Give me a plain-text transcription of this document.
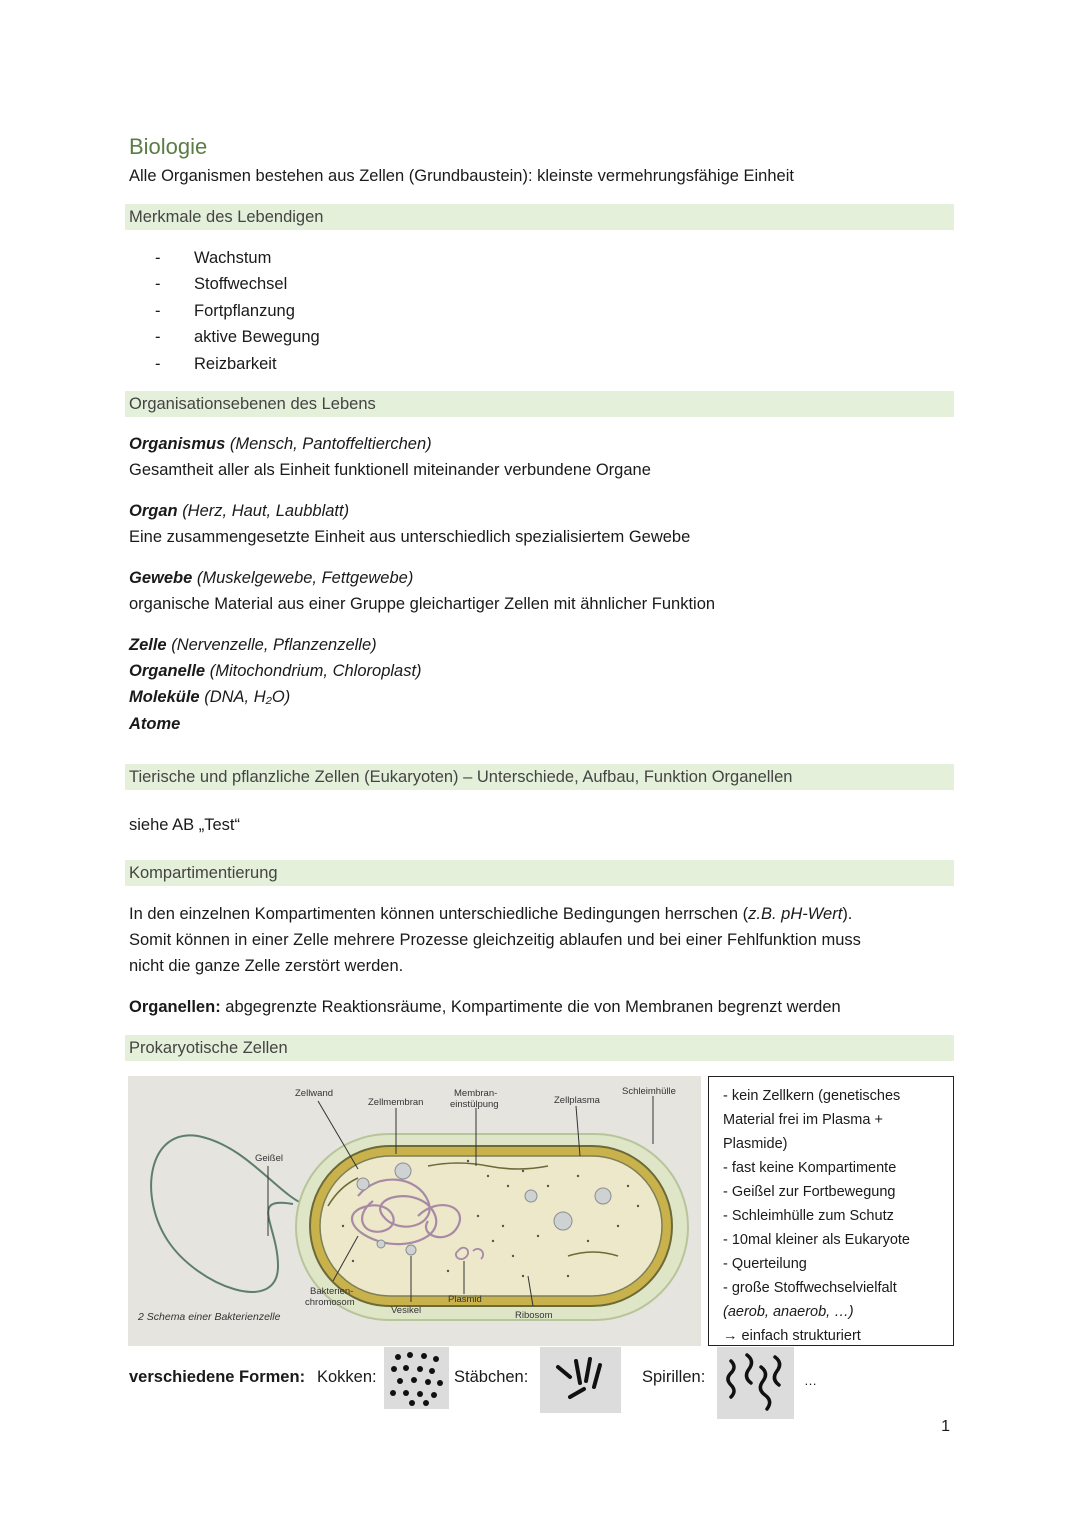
Biologie
Alle Organismen bestehen aus Zellen (Grundbaustein): kleinste vermehrungsfähige Einheit
Merkmale des Lebendigen
-	Wachstum
-	Stoffwechsel
-	Fortpflanzung
-	aktive Bewegung
-	Reizbarkeit
Organisationsebenen des Lebens
Organismus (Mensch, Pantoffeltierchen)
Gesamtheit aller als Einheit funktionell miteinander verbundene Organe
Organ (Herz, Haut, Laubblatt)
Eine zusammengesetzte Einheit aus unterschiedlich spezialisiertem Gewebe
Gewebe (Muskelgewebe, Fettgewebe)
organische Material aus einer Gruppe gleichartiger Zellen mit ähnlicher Funktion
Zelle (Nervenzelle, Pflanzenzelle)
Organelle (Mitochondrium, Chloroplast)
Moleküle (DNA, H₂O)
Atome
Tierische und pflanzliche Zellen (Eukaryoten) – Unterschiede, Aufbau, Funktion Organellen
siehe AB „Test“
Kompartimentierung
In den einzelnen Kompartimenten können unterschiedliche Bedingungen herrschen (z.B. pH-Wert).
Somit können in einer Zelle mehrere Prozesse gleichzeitig ablaufen und bei einer Fehlfunktion muss
nicht die ganze Zelle zerstört werden.
Organellen: abgegrenzte Reaktionsräume, Kompartimente die von Membranen begrenzt werden
Prokaryotische Zellen
Zellwand
Zellmembran
Membran-
einstülpung	Zellplasma
Schleimhülle
Geißel
Bakterien-
chromosom
Vesikel
Plasmid
Ribosom
2 Schema einer Bakterienzelle
- kein Zellkern (genetisches
Material frei im Plasma +
Plasmide)
- fast keine Kompartimente
- Geißel zur Fortbewegung
- Schleimhülle zum Schutz
- 10mal kleiner als Eukaryote
- Querteilung
- große Stoffwechselvielfalt
(aerob, anaerob, …)
→ einfach strukturiert
verschiedene Formen: Kokken:	Stäbchen:	Spirillen:	…
1
